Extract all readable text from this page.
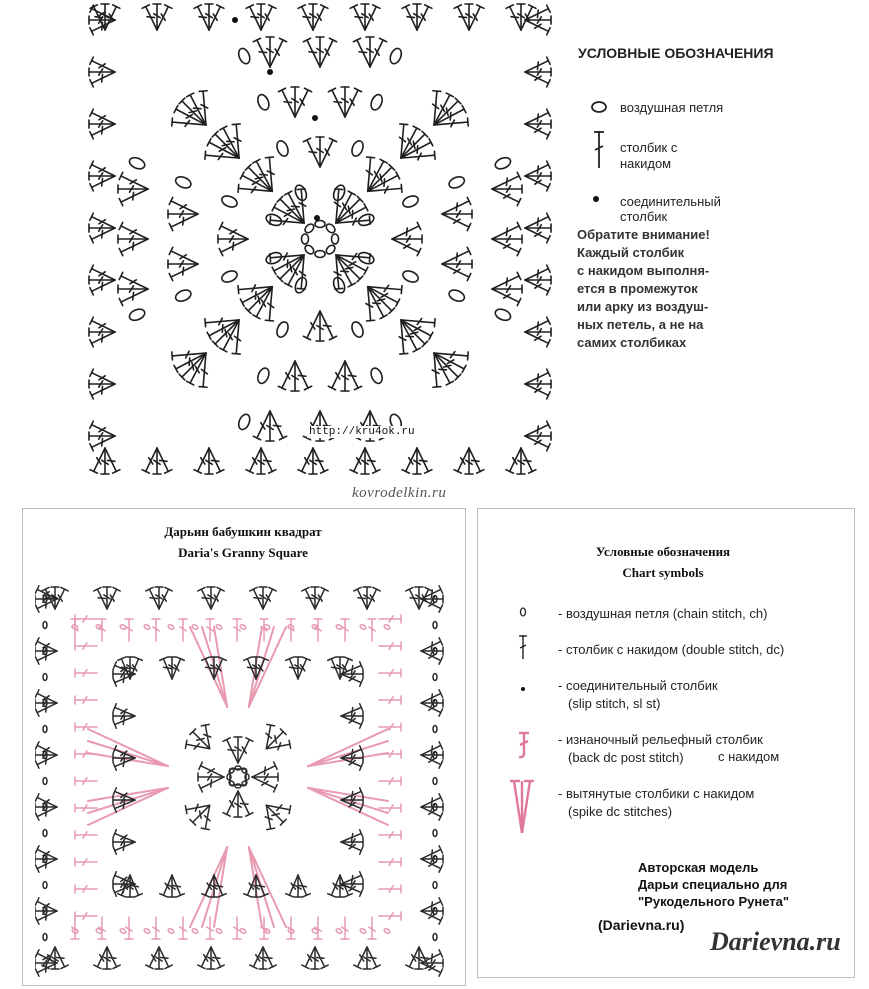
УСЛОВНЫЕ ОБОЗНАЧЕНИЯ
воздушная петля
столбик с накидом
соединительный столбик
Обратите внимание!
Каждый столбик
с накидом выполня-
ется в промежуток
или арку из воздуш-
ных петель, а не на
самих столбиках
http://kru4ok.ru
kovrodelkin.ru
Дарьин бабушкин квадрат
Daria's Granny Square	Условные обозначения
Chart symbols
- воздушная петля (chain stitch, ch)
- столбик с накидом (double stitch, dc)
- соединительный столбик
(slip stitch, sl st)
- изнаночный рельефный столбик
(back dc post stitch)	с накидом
- вытянутые столбики с накидом
(spike dc stitches)
Авторская модель
Дарьи специально для
"Рукодельного Рунета"
(Darievna.ru)
Darievna.ru
